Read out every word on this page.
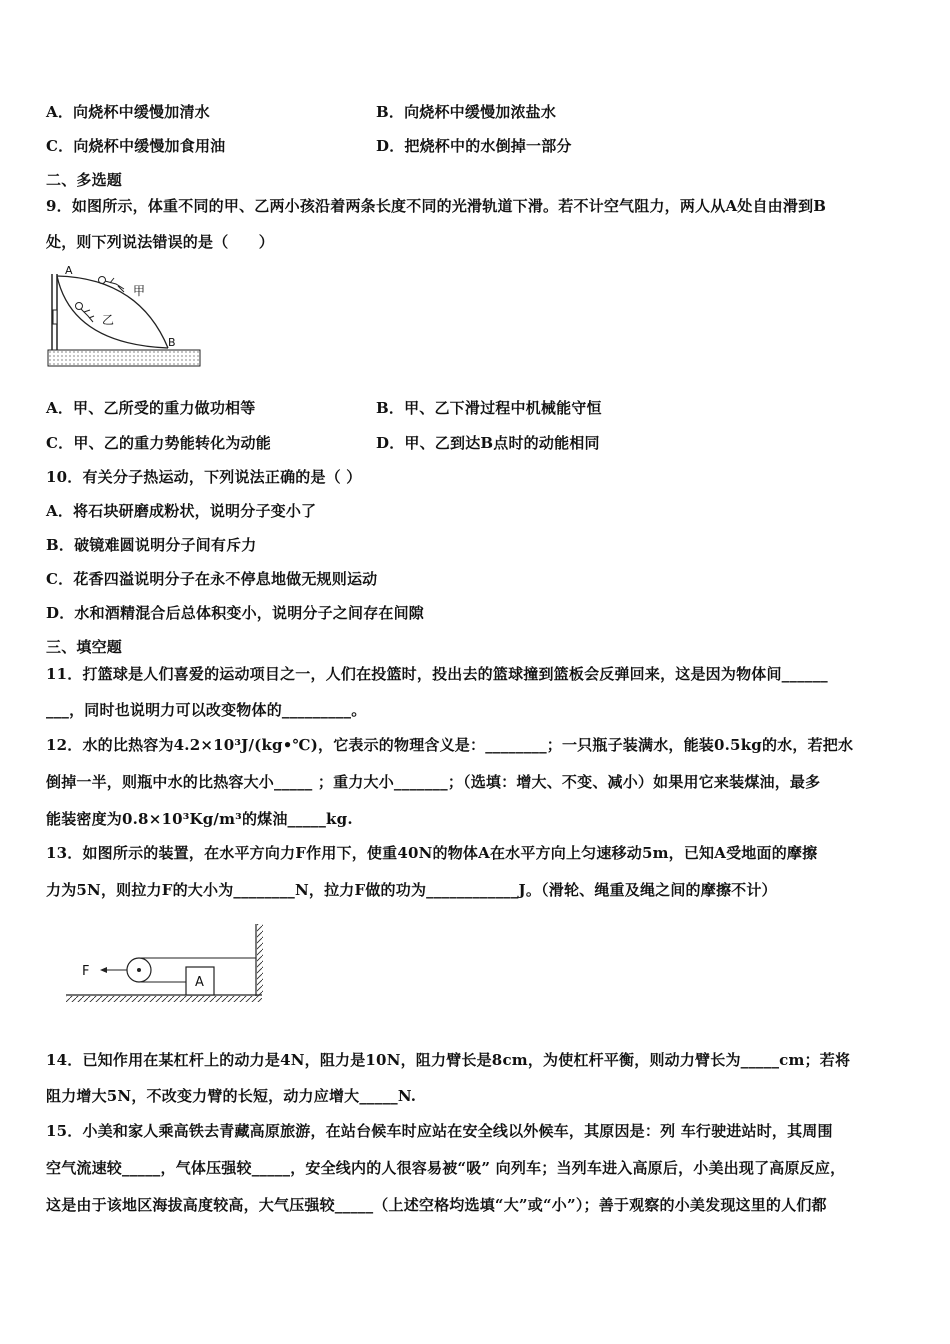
A．向烧杯中缓慢加清水	B．向烧杯中缓慢加浓盐水
C．向烧杯中缓慢加食用油	D．把烧杯中的水倒掉一部分
二、多选题
9．如图所示，体重不同的甲、乙两小孩沿着两条长度不同的光滑轨道下滑。若不计空气阻力，两人从A处自由滑到B
处，则下列说法错误的是（　　）
A
B
甲
乙
A．甲、乙所受的重力做功相等	B．甲、乙下滑过程中机械能守恒
C．甲、乙的重力势能转化为动能	D．甲、乙到达B点时的动能相同
10．有关分子热运动，下列说法正确的是（ ）
A．将石块研磨成粉状，说明分子变小了
B．破镜难圆说明分子间有斥力
C．花香四溢说明分子在永不停息地做无规则运动
D．水和酒精混合后总体积变小，说明分子之间存在间隙
三、填空题
11．打篮球是人们喜爱的运动项目之一，人们在投篮时，投出去的篮球撞到篮板会反弹回来，这是因为物体间______
___，同时也说明力可以改变物体的_________。
12．水的比热容为4.2×10³J/(kg•℃)，它表示的物理含义是：________；一只瓶子装满水，能装0.5kg的水，若把水
倒掉一半，则瓶中水的比热容大小_____ ；重力大小_______；（选填：增大、不变、减小）如果用它来装煤油，最多
能装密度为0.8×10³Kg/m³的煤油_____kg.
13．如图所示的装置，在水平方向力F作用下，使重40N的物体A在水平方向上匀速移动5m，已知A受地面的摩擦
力为5N，则拉力F的大小为________N，拉力F做的功为____________J。（滑轮、绳重及绳之间的摩擦不计）
F
A
14．已知作用在某杠杆上的动力是4N，阻力是10N，阻力臂长是8cm，为使杠杆平衡，则动力臂长为_____cm；若将
阻力增大5N，不改变力臂的长短，动力应增大_____N.
15．小美和家人乘高铁去青藏高原旅游，在站台候车时应站在安全线以外候车，其原因是：列 车行驶进站时，其周围
空气流速较_____，气体压强较_____，安全线内的人很容易被“吸” 向列车；当列车进入高原后，小美出现了高原反应，
这是由于该地区海拔高度较高，大气压强较_____（上述空格均选填“大”或“小”）；善于观察的小美发现这里的人们都
